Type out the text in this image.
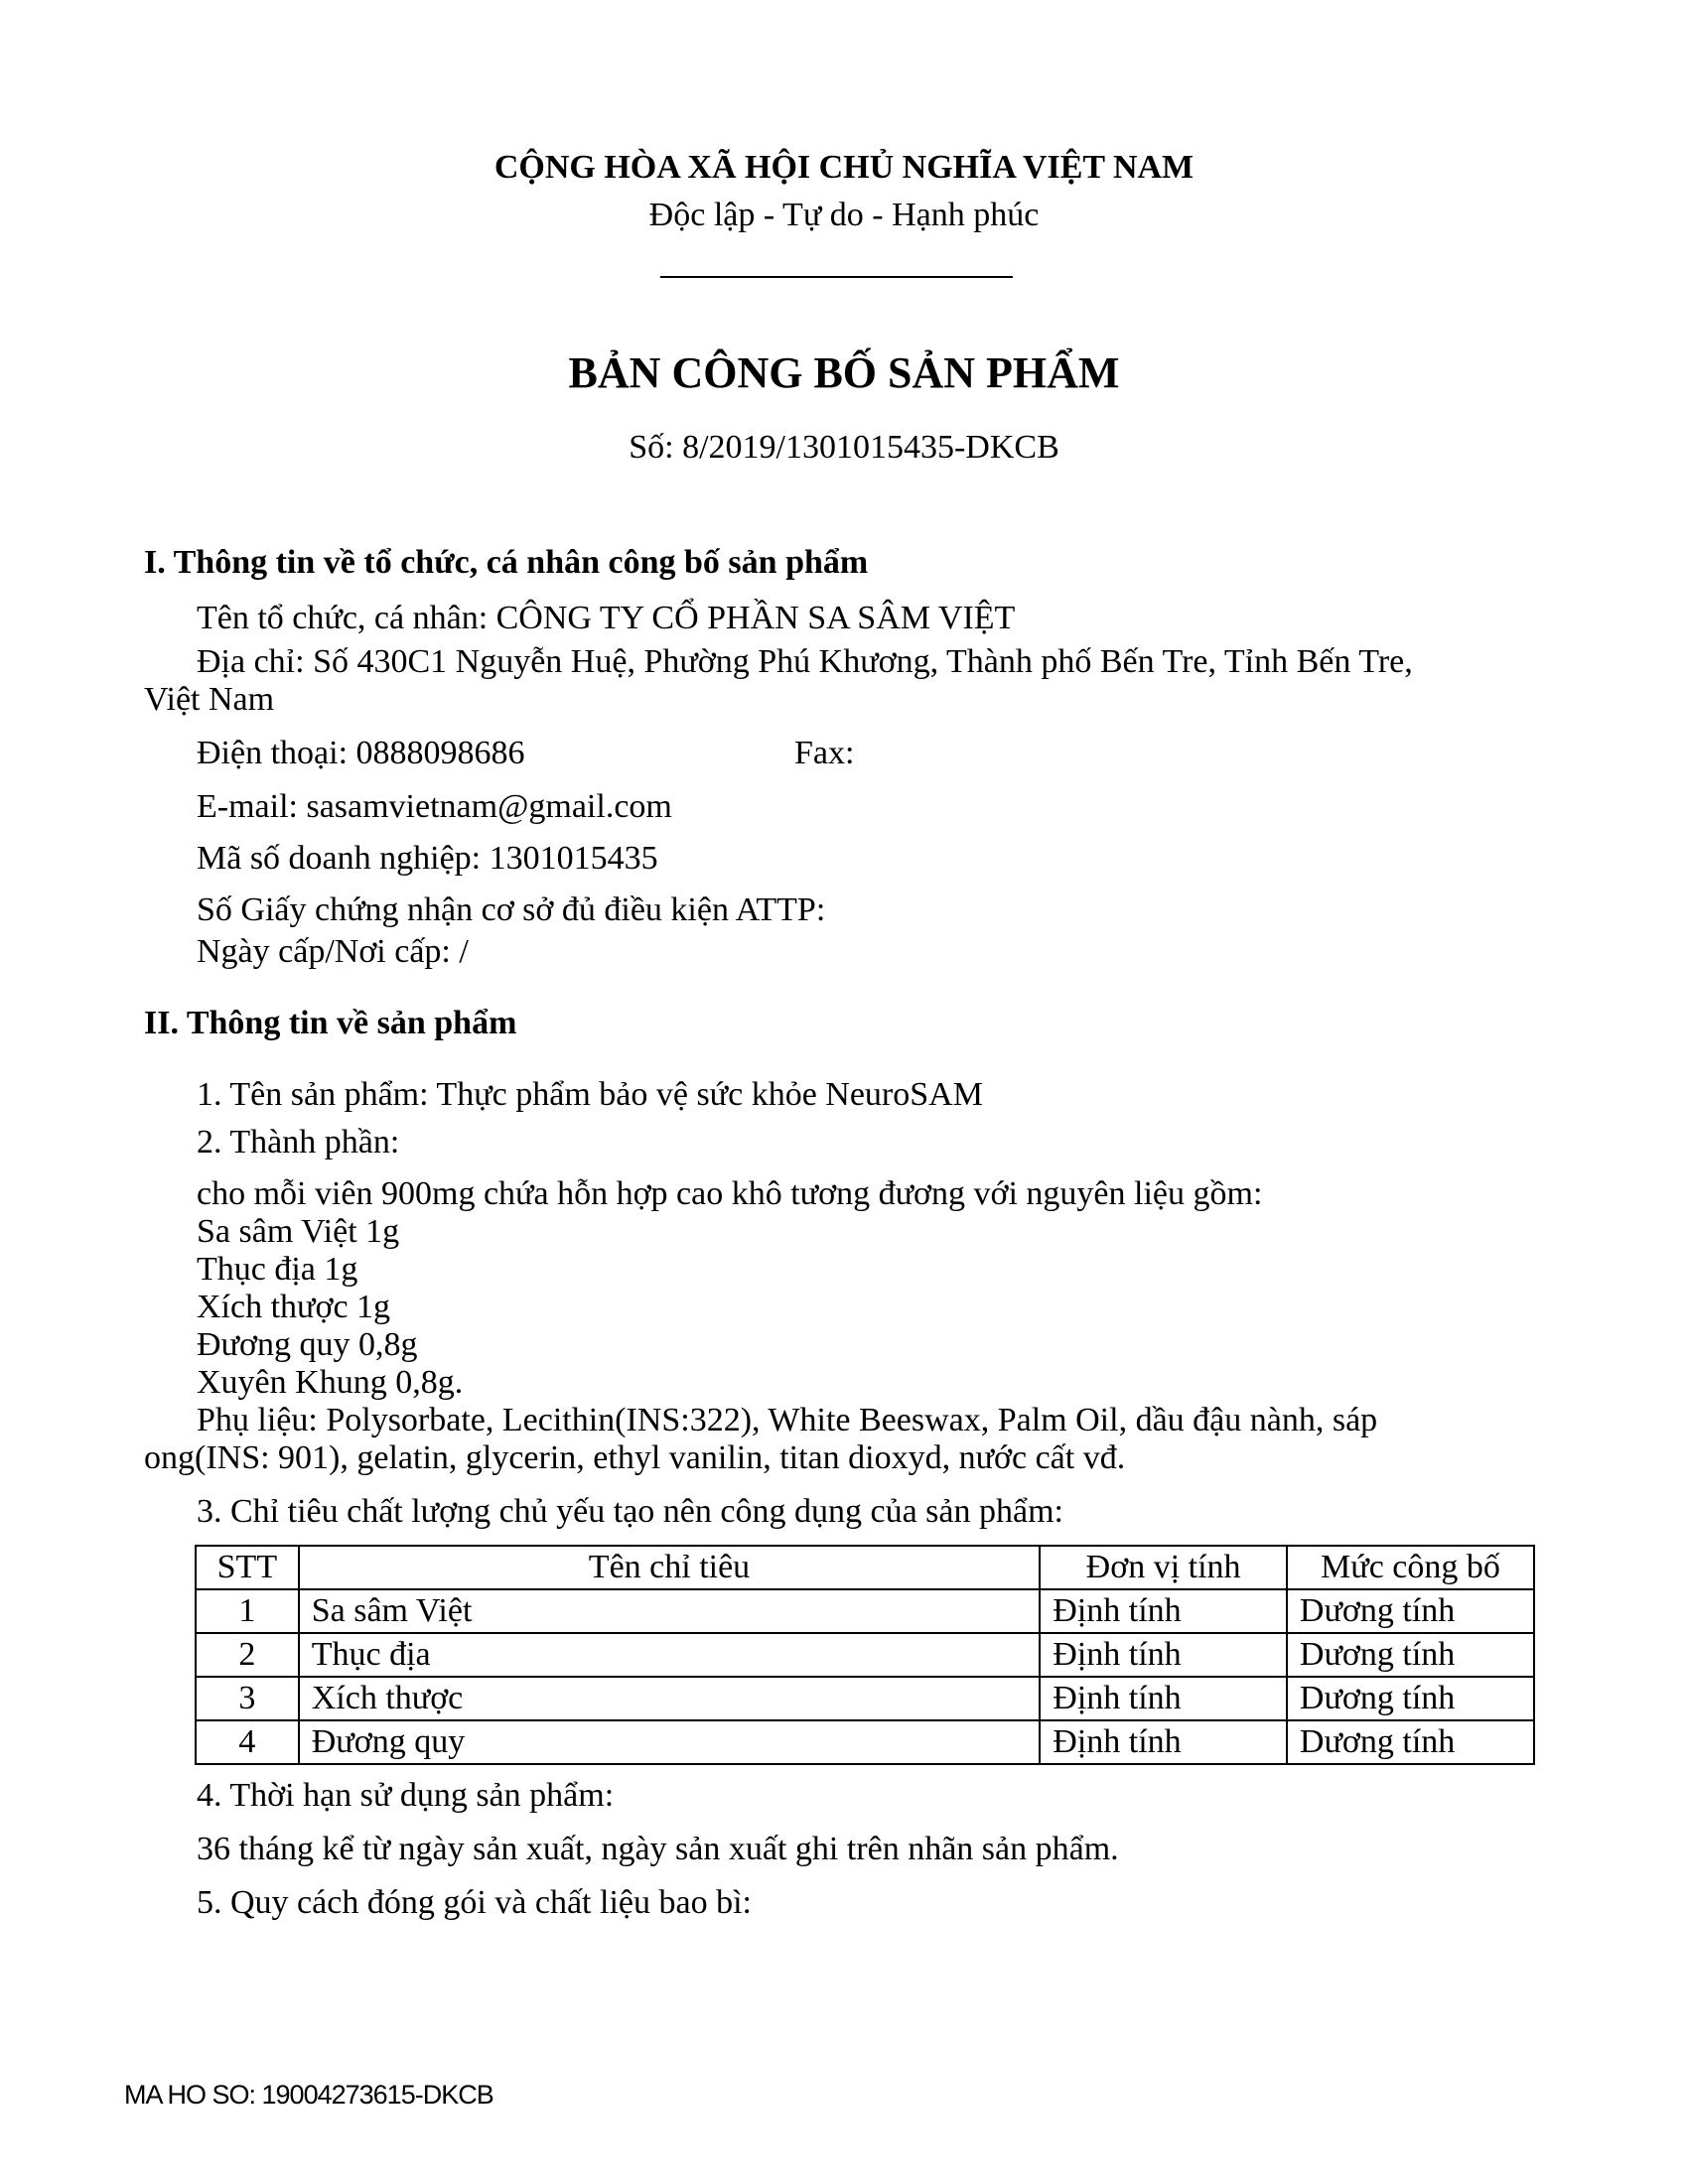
CỘNG HÒA XÃ HỘI CHỦ NGHĨA VIỆT NAM
Độc lập - Tự do - Hạnh phúc
BẢN CÔNG BỐ SẢN PHẨM
Số: 8/2019/1301015435-DKCB
I. Thông tin về tổ chức, cá nhân công bố sản phẩm
Tên tổ chức, cá nhân: CÔNG TY CỔ PHẦN SA SÂM VIỆT
Địa chỉ: Số 430C1 Nguyễn Huệ, Phường Phú Khương, Thành phố Bến Tre, Tỉnh Bến Tre,
Việt Nam
Điện thoại: 0888098686	Fax:
E-mail: sasamvietnam@gmail.com
Mã số doanh nghiệp: 1301015435
Số Giấy chứng nhận cơ sở đủ điều kiện ATTP:
Ngày cấp/Nơi cấp: /
II. Thông tin về sản phẩm
1. Tên sản phẩm: Thực phẩm bảo vệ sức khỏe NeuroSAM
2. Thành phần:
cho mỗi viên 900mg chứa hỗn hợp cao khô tương đương với nguyên liệu gồm:
Sa sâm Việt 1g
Thục địa 1g
Xích thược 1g
Đương quy 0,8g
Xuyên Khung 0,8g.
Phụ liệu: Polysorbate, Lecithin(INS:322), White Beeswax, Palm Oil, dầu đậu nành, sáp
ong(INS: 901), gelatin, glycerin, ethyl vanilin, titan dioxyd, nước cất vđ.
3. Chỉ tiêu chất lượng chủ yếu tạo nên công dụng của sản phẩm:
STT	Tên chỉ tiêu	Đơn vị tính	Mức công bố
1	Sa sâm Việt	Định tính	Dương tính
2	Thục địa	Định tính	Dương tính
3	Xích thược	Định tính	Dương tính
4	Đương quy	Định tính	Dương tính
4. Thời hạn sử dụng sản phẩm:
36 tháng kể từ ngày sản xuất, ngày sản xuất ghi trên nhãn sản phẩm.
5. Quy cách đóng gói và chất liệu bao bì:
MA HO SO: 19004273615-DKCB
